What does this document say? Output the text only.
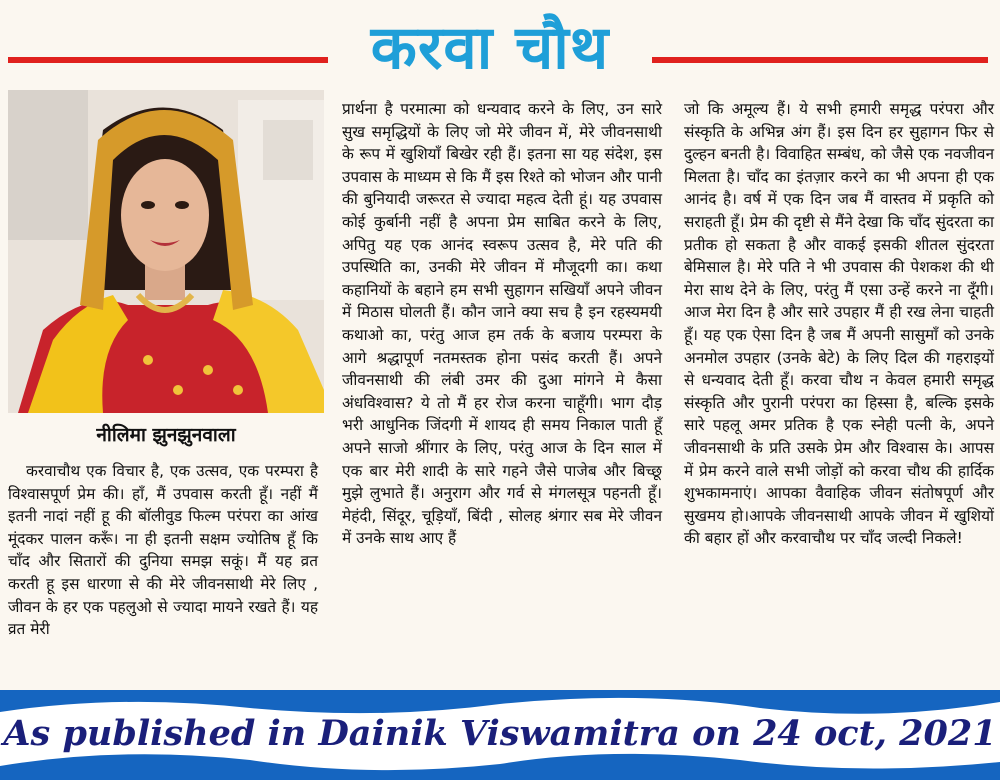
करवा चौथ
नीलिमा झुनझुनवाला

करवाचौथ एक विचार है, एक उत्सव, एक परम्परा है विश्वासपूर्ण प्रेम की। हाँ, मैं उपवास करती हूँ। नहीं मैं इतनी नादां नहीं हू की बॉलीवुड फिल्म परंपरा का आंख मूंदकर पालन करूँ। ना ही इतनी सक्षम ज्योतिष हूँ कि चाँद और सितारों की दुनिया समझ सकूं। मैं यह व्रत करती हू इस धारणा से की मेरे जीवनसाथी मेरे लिए , जीवन के हर एक पहलुओ से ज्यादा मायने रखते हैं। यह व्रत मेरी

प्रार्थना है परमात्मा को धन्यवाद करने के लिए, उन सारे सुख समृद्धियों के लिए जो मेरे जीवन में, मेरे जीवनसाथी के रूप में खुशियाँ बिखेर रही हैं। इतना सा यह संदेश, इस उपवास के माध्यम से कि मैं इस रिश्ते को भोजन और पानी की बुनियादी जरूरत से ज्यादा महत्व देती हूं। यह उपवास कोई कुर्बानी नहीं है अपना प्रेम साबित करने के लिए, अपितु यह एक आनंद स्वरूप उत्सव है, मेरे पति की उपस्थिति का, उनकी मेरे जीवन में मौजूदगी का। कथा कहानियों के बहाने हम सभी सुहागन सखियाँ अपने जीवन में मिठास घोलती हैं। कौन जाने क्या सच है इन रहस्यमयी कथाओ का, परंतु आज हम तर्क के बजाय परम्परा के आगे श्रद्धापूर्ण नतमस्तक होना पसंद करती हैं। अपने जीवनसाथी की लंबी उमर की दुआ मांगने मे कैसा अंधविश्वास? ये तो मैं हर रोज करना चाहूँगी। भाग दौड़ भरी आधुनिक जिंदगी में शायद ही समय निकाल पाती हूँ अपने साजो श्रींगार के लिए, परंतु आज के दिन साल में एक बार मेरी शादी के सारे गहने जैसे पाजेब और बिच्छू मुझे लुभाते हैं। अनुराग और गर्व से मंगलसूत्र पहनती हूँ। मेहंदी, सिंदूर, चूड़ियाँ, बिंदी , सोलह श्रंगार सब मेरे जीवन में उनके साथ आए हैं

जो कि अमूल्य हैं। ये सभी हमारी समृद्ध परंपरा और संस्कृति के अभिन्न अंग हैं। इस दिन हर सुहागन फिर से दुल्हन बनती है। विवाहित सम्बंध, को जैसे एक नवजीवन मिलता है। चाँद का इंतज़ार करने का भी अपना ही एक आनंद है। वर्ष में एक दिन जब मैं वास्तव में प्रकृति को सराहती हूँ। प्रेम की दृष्टी से मैंने देखा कि चाँद सुंदरता का प्रतीक हो सकता है और वाकई इसकी शीतल सुंदरता बेमिसाल है। मेरे पति ने भी उपवास की पेशकश की थी मेरा साथ देने के लिए, परंतु मैं एसा उन्हें करने ना दूँगी। आज मेरा दिन है और सारे उपहार मैं ही रख लेना चाहती हूँ। यह एक ऐसा दिन है जब मैं अपनी सासुमाँ को उनके अनमोल उपहार (उनके बेटे) के लिए दिल की गहराइयों से धन्यवाद देती हूँ। करवा चौथ न केवल हमारी समृद्ध संस्कृति और पुरानी परंपरा का हिस्सा है, बल्कि इसके सारे पहलू अमर प्रतिक है एक स्नेही पत्नी के, अपने जीवनसाथी के प्रति उसके प्रेम और विश्वास के। आपस में प्रेम करने वाले सभी जोड़ों को करवा चौथ की हार्दिक शुभकामनाएं। आपका वैवाहिक जीवन संतोषपूर्ण और सुखमय हो।आपके जीवनसाथी आपके जीवन में खुशियों की बहार हों और करवाचौथ पर चाँद जल्दी निकले!

As published in Dainik Viswamitra on 24 oct, 2021
